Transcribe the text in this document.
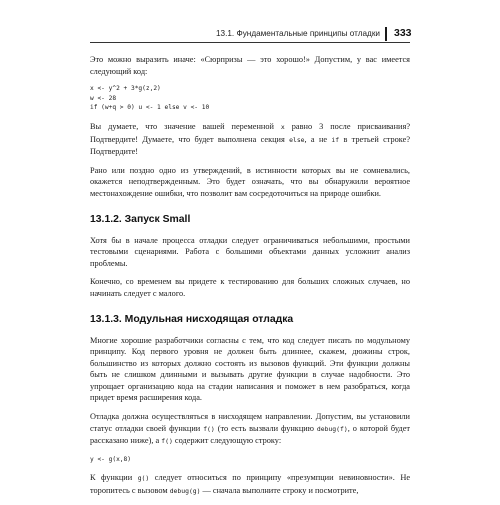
13.1. Фундаментальные принципы отладки 333

Это можно выразить иначе: «Сюрпризы — это хорошо!» Допустим, у вас имеется следующий код:

x <- y^2 + 3*g(z,2)
w <- 28
if (w+q > 0) u <- 1 else v <- 10

Вы думаете, что значение вашей переменной x равно 3 после присваивания? Подтвердите! Думаете, что будет выполнена секция else, а не if в третьей строке? Подтвердите!

Рано или поздно одно из утверждений, в истинности которых вы не сомневались, окажется неподтвержденным. Это будет означать, что вы обнаружили вероятное местонахождение ошибки, что позволит вам сосредоточиться на природе ошибки.

13.1.2. Запуск Small

Хотя бы в начале процесса отладки следует ограничиваться небольшими, простыми тестовыми сценариями. Работа с большими объектами данных усложнит анализ проблемы.

Конечно, со временем вы придете к тестированию для больших сложных случаев, но начинать следует с малого.

13.1.3. Модульная нисходящая отладка

Многие хорошие разработчики согласны с тем, что код следует писать по модульному принципу. Код первого уровня не должен быть длиннее, скажем, дюжины строк, большинство из которых должно состоять из вызовов функций. Эти функции должны быть не слишком длинными и вызывать другие функции в случае надобности. Это упрощает организацию кода на стадии написания и поможет в нем разобраться, когда придет время расширения кода.

Отладка должна осуществляться в нисходящем направлении. Допустим, вы установили статус отладки своей функции f() (то есть вызвали функцию debug(f), о которой будет рассказано ниже), а f() содержит следующую строку:

y <- g(x,8)

К функции g() следует относиться по принципу «презумпции невиновности». Не торопитесь с вызовом debug(g) — сначала выполните строку и посмотрите,
